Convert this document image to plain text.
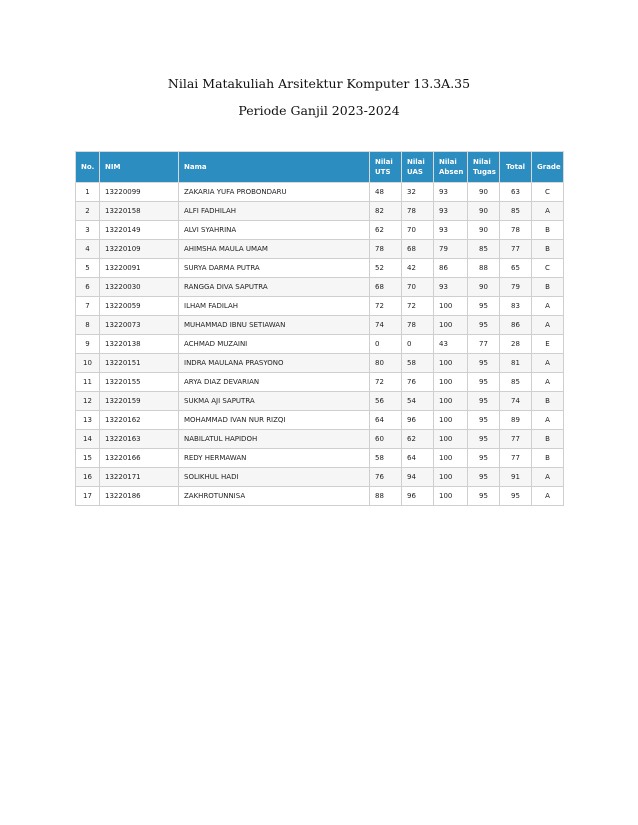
Nilai Matakuliah Arsitektur Komputer 13.3A.35
Periode Ganjil 2023-2024
No.	NIM	Nama	Nilai UTS	Nilai UAS	Nilai Absen	Nilai Tugas	Total	Grade
1	13220099	ZAKARIA YUFA PROBONDARU	48	32	93	90	63	C
2	13220158	ALFI FADHILAH	82	78	93	90	85	A
3	13220149	ALVI SYAHRINA	62	70	93	90	78	B
4	13220109	AHIMSHA MAULA UMAM	78	68	79	85	77	B
5	13220091	SURYA DARMA PUTRA	52	42	86	88	65	C
6	13220030	RANGGA DIVA SAPUTRA	68	70	93	90	79	B
7	13220059	ILHAM FADILAH	72	72	100	95	83	A
8	13220073	MUHAMMAD IBNU SETIAWAN	74	78	100	95	86	A
9	13220138	ACHMAD MUZAINI	0	0	43	77	28	E
10	13220151	INDRA MAULANA PRASYONO	80	58	100	95	81	A
11	13220155	ARYA DIAZ DEVARIAN	72	76	100	95	85	A
12	13220159	SUKMA AJI SAPUTRA	56	54	100	95	74	B
13	13220162	MOHAMMAD IVAN NUR RIZQI	64	96	100	95	89	A
14	13220163	NABILATUL HAPIDOH	60	62	100	95	77	B
15	13220166	REDY HERMAWAN	58	64	100	95	77	B
16	13220171	SOLIKHUL HADI	76	94	100	95	91	A
17	13220186	ZAKHROTUNNISA	88	96	100	95	95	A
